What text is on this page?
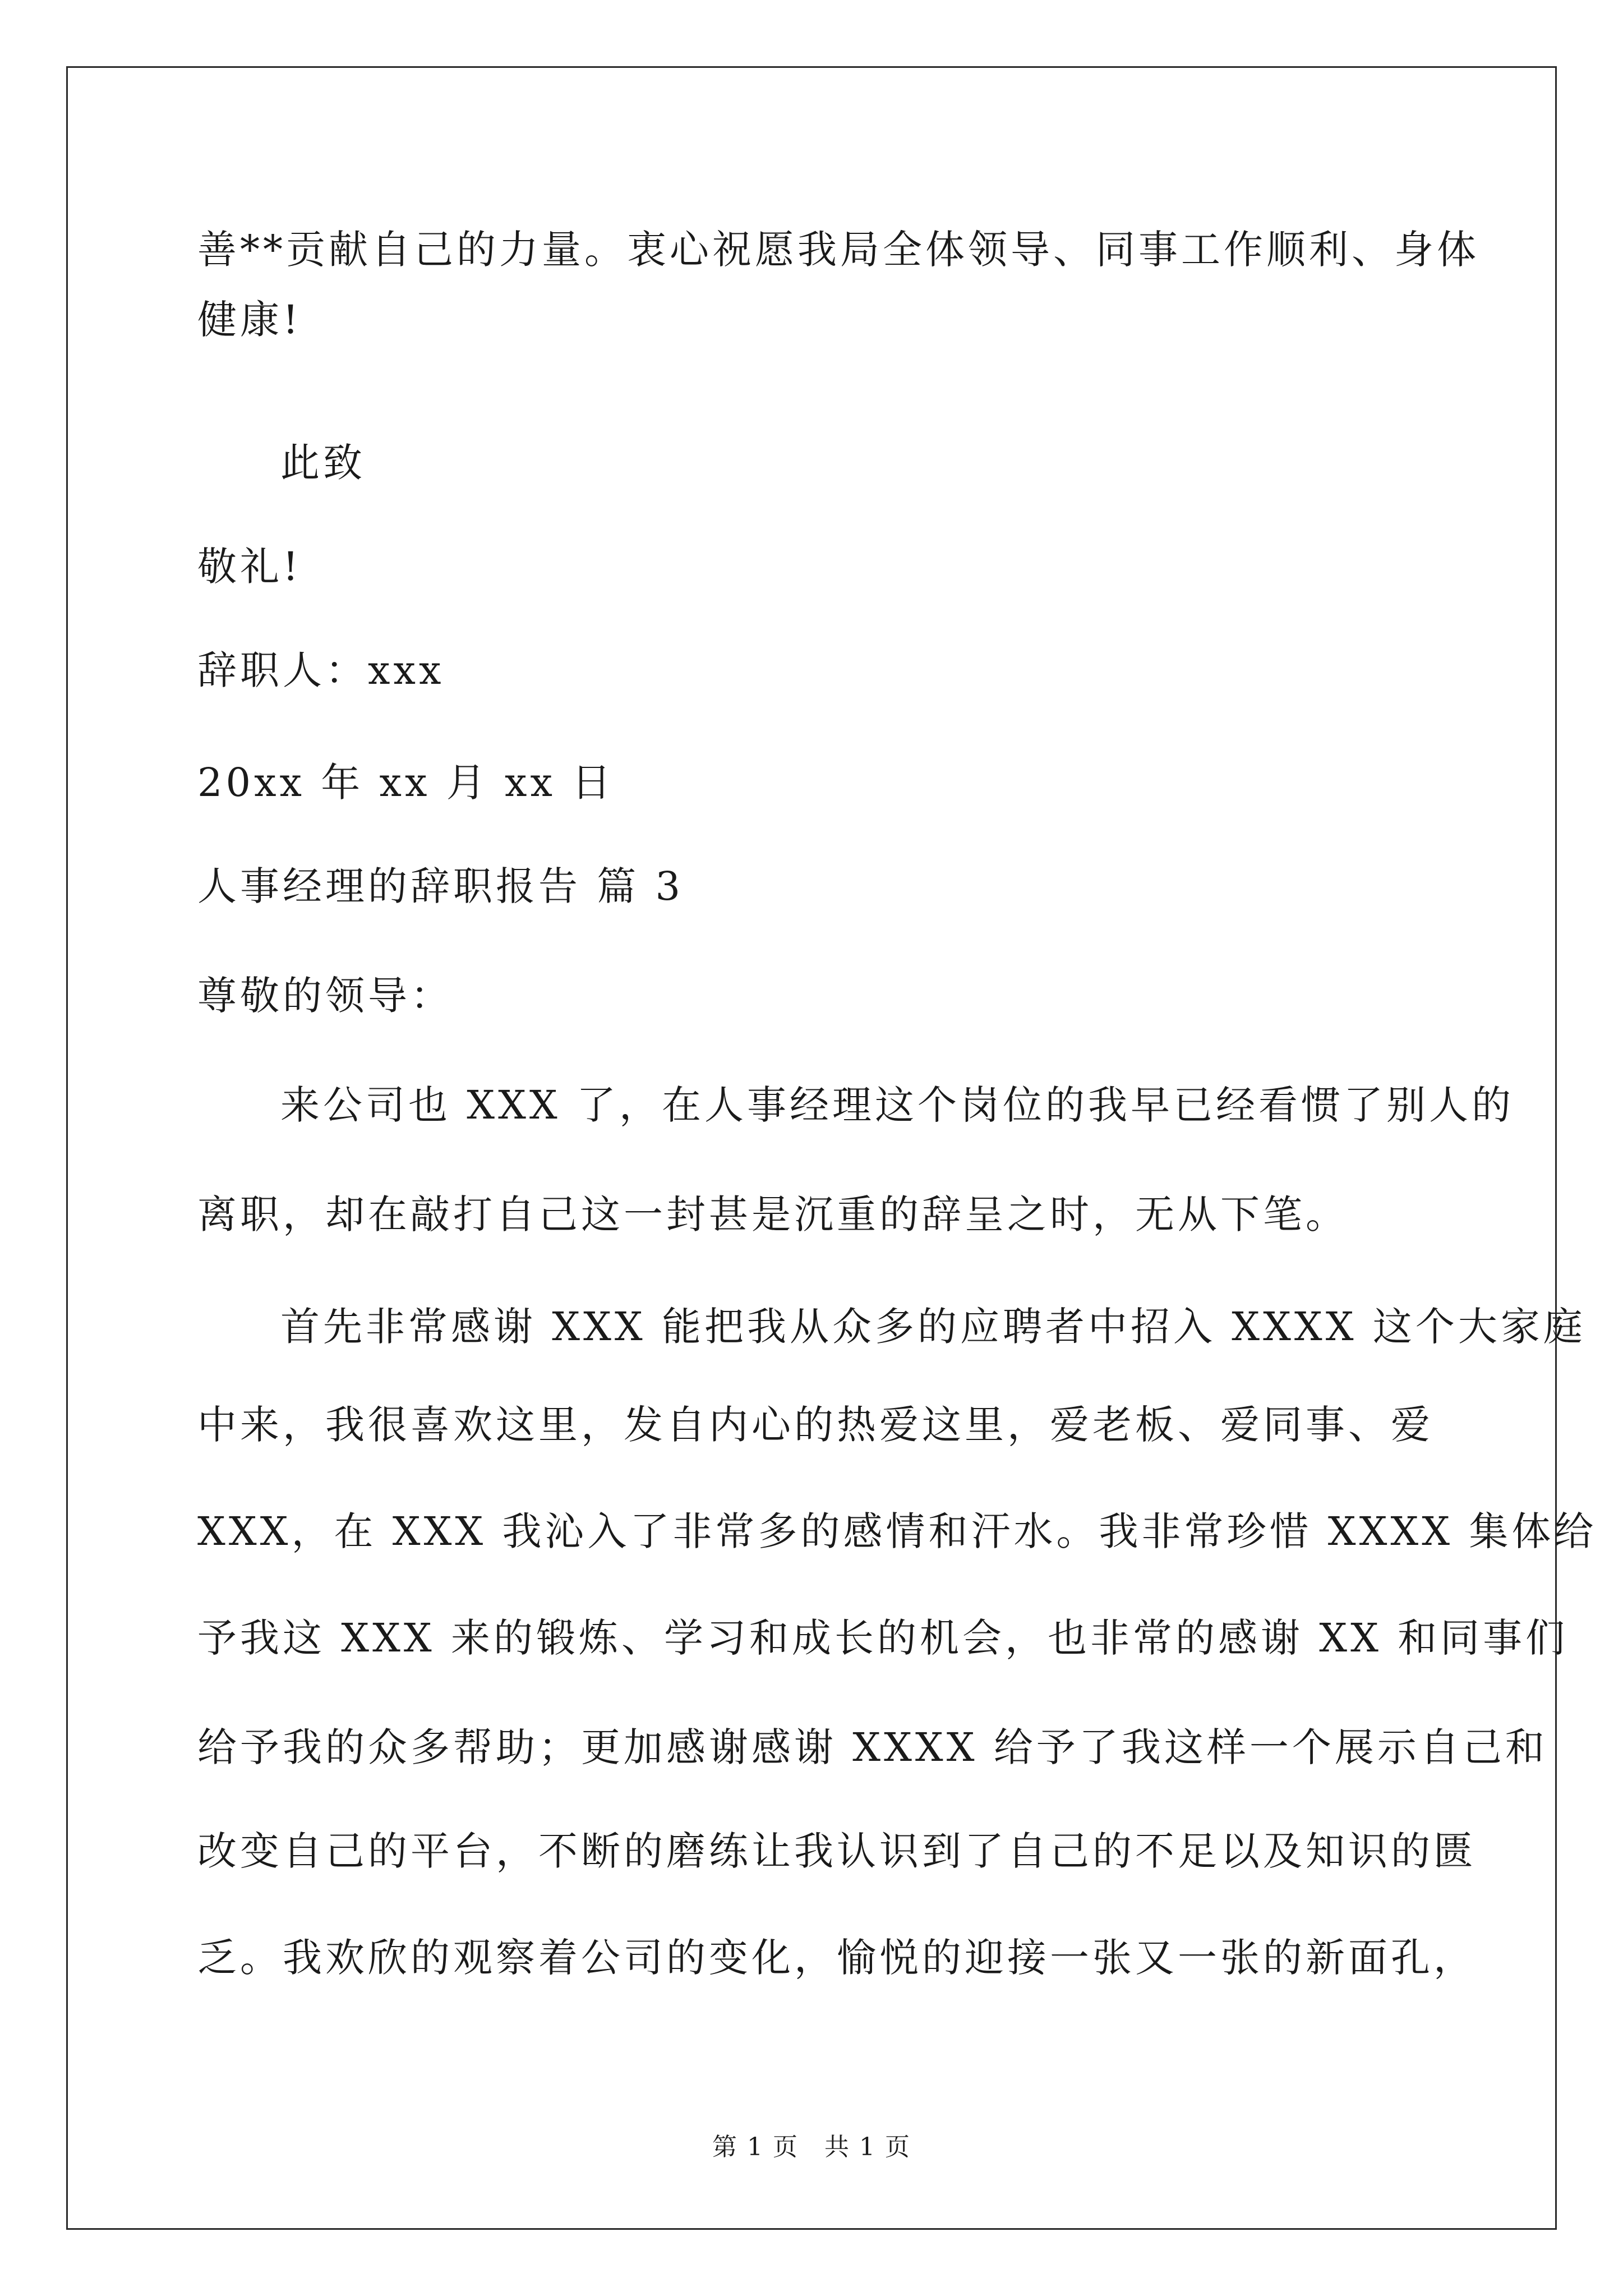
善**贡献自己的力量。衷心祝愿我局全体领导、同事工作顺利、身体
健康!
此致
敬礼!
辞职人：xxx
20xx 年 xx 月 xx 日
人事经理的辞职报告 篇 3
尊敬的领导：
来公司也 XXX 了，在人事经理这个岗位的我早已经看惯了别人的
离职，却在敲打自己这一封甚是沉重的辞呈之时，无从下笔。
首先非常感谢 XXX 能把我从众多的应聘者中招入 XXXX 这个大家庭
中来，我很喜欢这里，发自内心的热爱这里，爱老板、爱同事、爱
XXX，在 XXX 我沁入了非常多的感情和汗水。我非常珍惜 XXXX 集体给
予我这 XXX 来的锻炼、学习和成长的机会，也非常的感谢 XX 和同事们
给予我的众多帮助；更加感谢感谢 XXXX 给予了我这样一个展示自己和
改变自己的平台，不断的磨练让我认识到了自己的不足以及知识的匮
乏。我欢欣的观察着公司的变化，愉悦的迎接一张又一张的新面孔，
第 1 页　共 1 页
